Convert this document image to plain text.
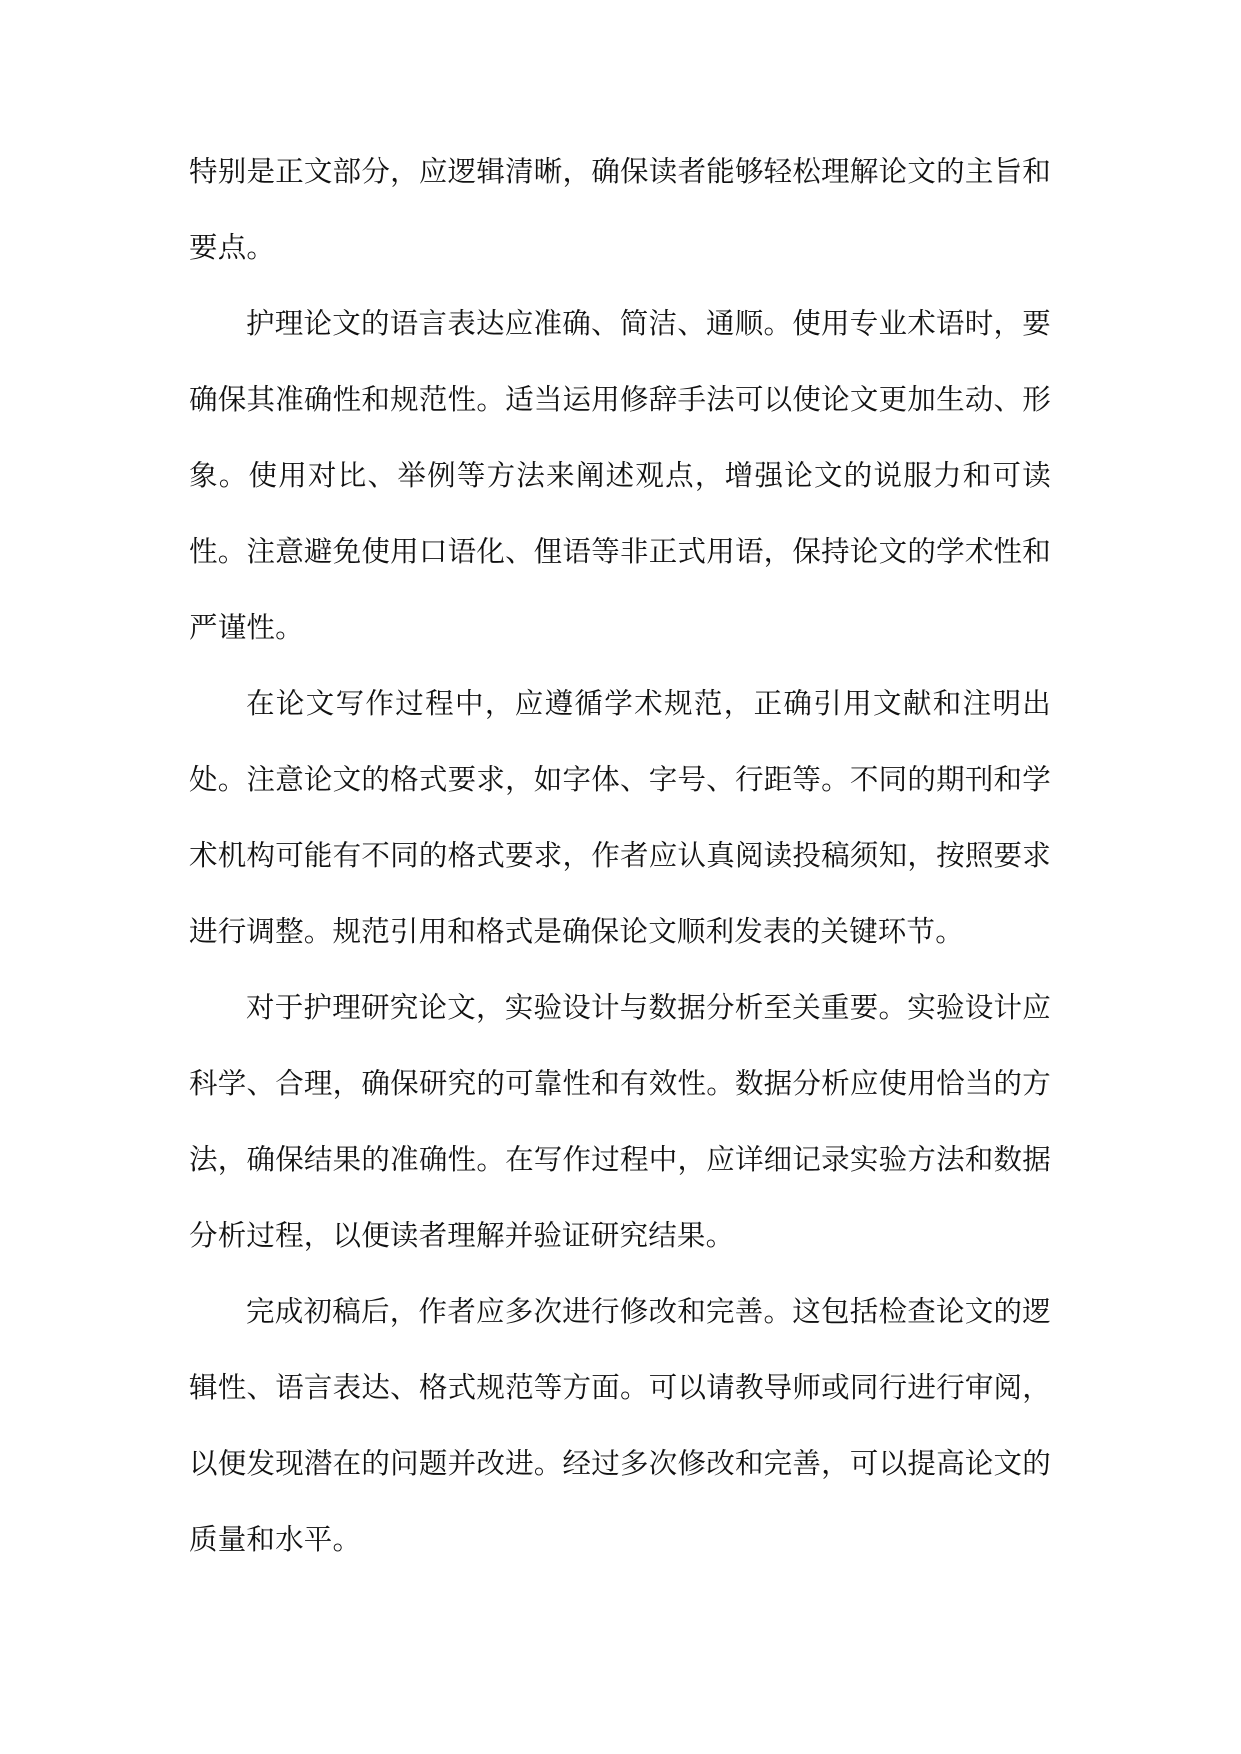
特别是正文部分，应逻辑清晰，确保读者能够轻松理解论文的主旨和要点。

护理论文的语言表达应准确、简洁、通顺。使用专业术语时，要确保其准确性和规范性。适当运用修辞手法可以使论文更加生动、形象。使用对比、举例等方法来阐述观点，增强论文的说服力和可读性。注意避免使用口语化、俚语等非正式用语，保持论文的学术性和严谨性。

在论文写作过程中，应遵循学术规范，正确引用文献和注明出处。注意论文的格式要求，如字体、字号、行距等。不同的期刊和学术机构可能有不同的格式要求，作者应认真阅读投稿须知，按照要求进行调整。规范引用和格式是确保论文顺利发表的关键环节。

对于护理研究论文，实验设计与数据分析至关重要。实验设计应科学、合理，确保研究的可靠性和有效性。数据分析应使用恰当的方法，确保结果的准确性。在写作过程中，应详细记录实验方法和数据分析过程，以便读者理解并验证研究结果。

完成初稿后，作者应多次进行修改和完善。这包括检查论文的逻辑性、语言表达、格式规范等方面。可以请教导师或同行进行审阅，以便发现潜在的问题并改进。经过多次修改和完善，可以提高论文的质量和水平。
